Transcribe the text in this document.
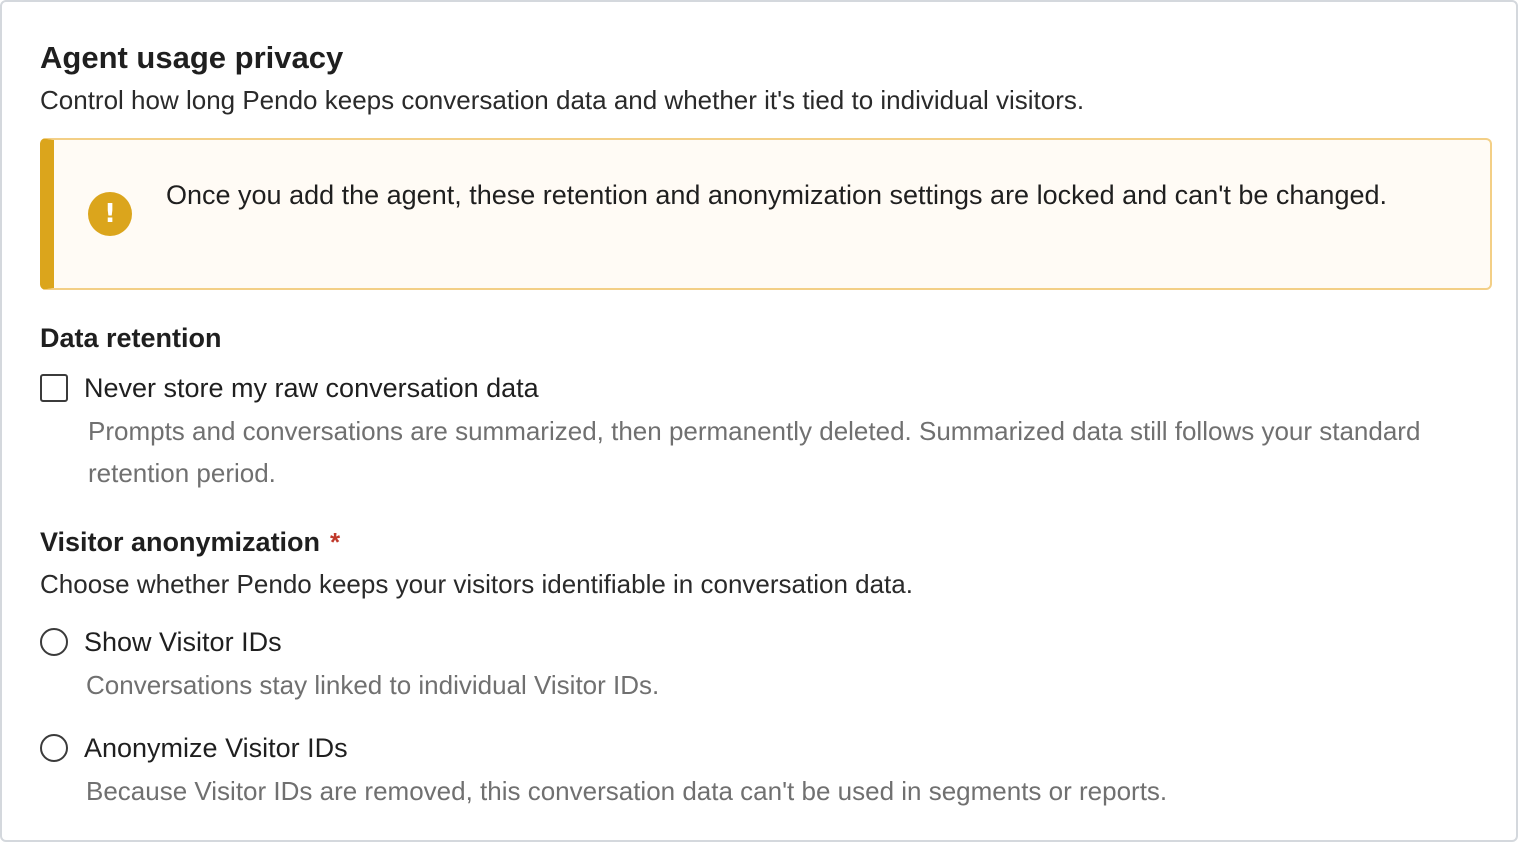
Agent usage privacy
Control how long Pendo keeps conversation data and whether it's tied to individual visitors.
!
Once you add the agent, these retention and anonymization settings are locked and can't be changed.
Data retention
Never store my raw conversation data
Prompts and conversations are summarized, then permanently deleted. Summarized data still follows your standard retention period.
Visitor anonymization *
Choose whether Pendo keeps your visitors identifiable in conversation data.
Show Visitor IDs
Conversations stay linked to individual Visitor IDs.
Anonymize Visitor IDs
Because Visitor IDs are removed, this conversation data can't be used in segments or reports.
